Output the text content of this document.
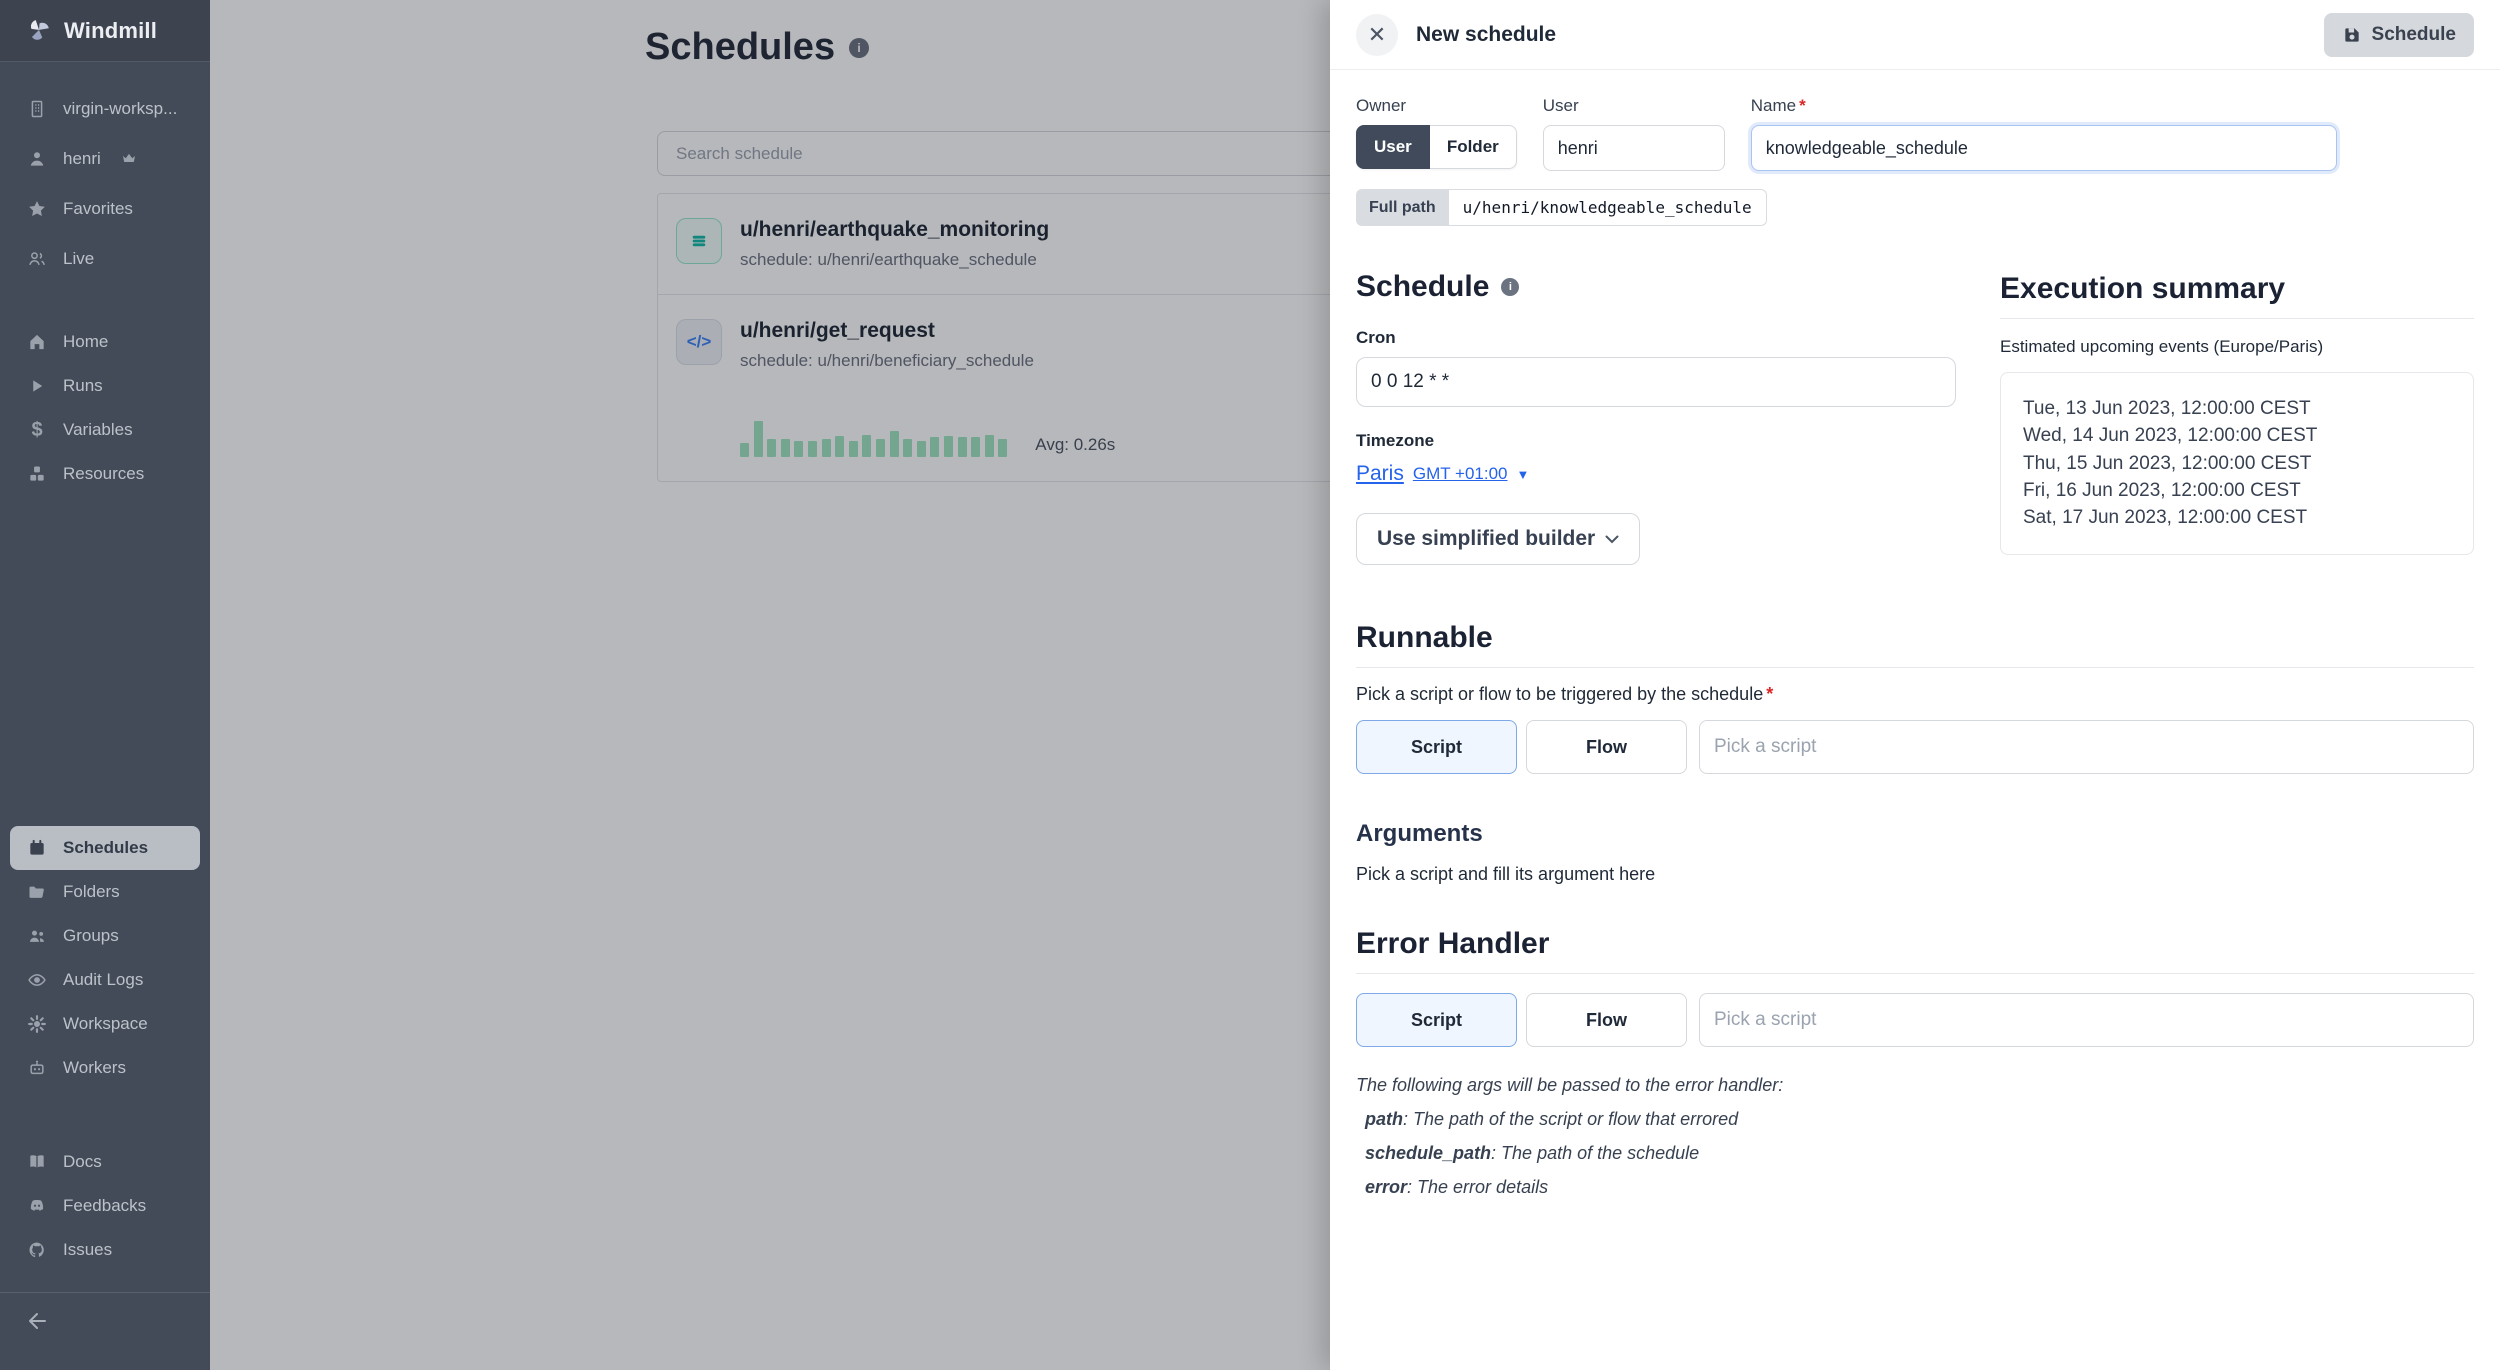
Schedules	i
Search schedule
u/henri/earthquake_monitoring
schedule: u/henri/earthquake_schedule
</>	u/henri/get_request
schedule: u/henri/beneficiary_schedule
Avg: 0.26s
Windmill
virgin-worksp...
henri
Favorites
Live
Home
Runs
$	Variables
Resources
Schedules
Folders
Groups
Audit Logs
Workspace
Workers
Docs
Feedbacks
Issues
✕	New schedule	Schedule
Owner
User	Folder
User
henri	Name *
knowledgeable_schedule
Full path	u/henri/knowledgeable_schedule
Schedule	i
Cron
0 0 12 * *
Timezone
Paris GMT +01:00 ▼
Use simplified builder
Execution summary
Estimated upcoming events (Europe/Paris)
Tue, 13 Jun 2023, 12:00:00 CEST
Wed, 14 Jun 2023, 12:00:00 CEST
Thu, 15 Jun 2023, 12:00:00 CEST
Fri, 16 Jun 2023, 12:00:00 CEST
Sat, 17 Jun 2023, 12:00:00 CEST
Runnable
Pick a script or flow to be triggered by the schedule *
Script	Flow
Pick a script
Arguments
Pick a script and fill its argument here
Error Handler
Script	Flow
Pick a script
The following args will be passed to the error handler:
path: The path of the script or flow that errored
schedule_path: The path of the schedule
error: The error details
